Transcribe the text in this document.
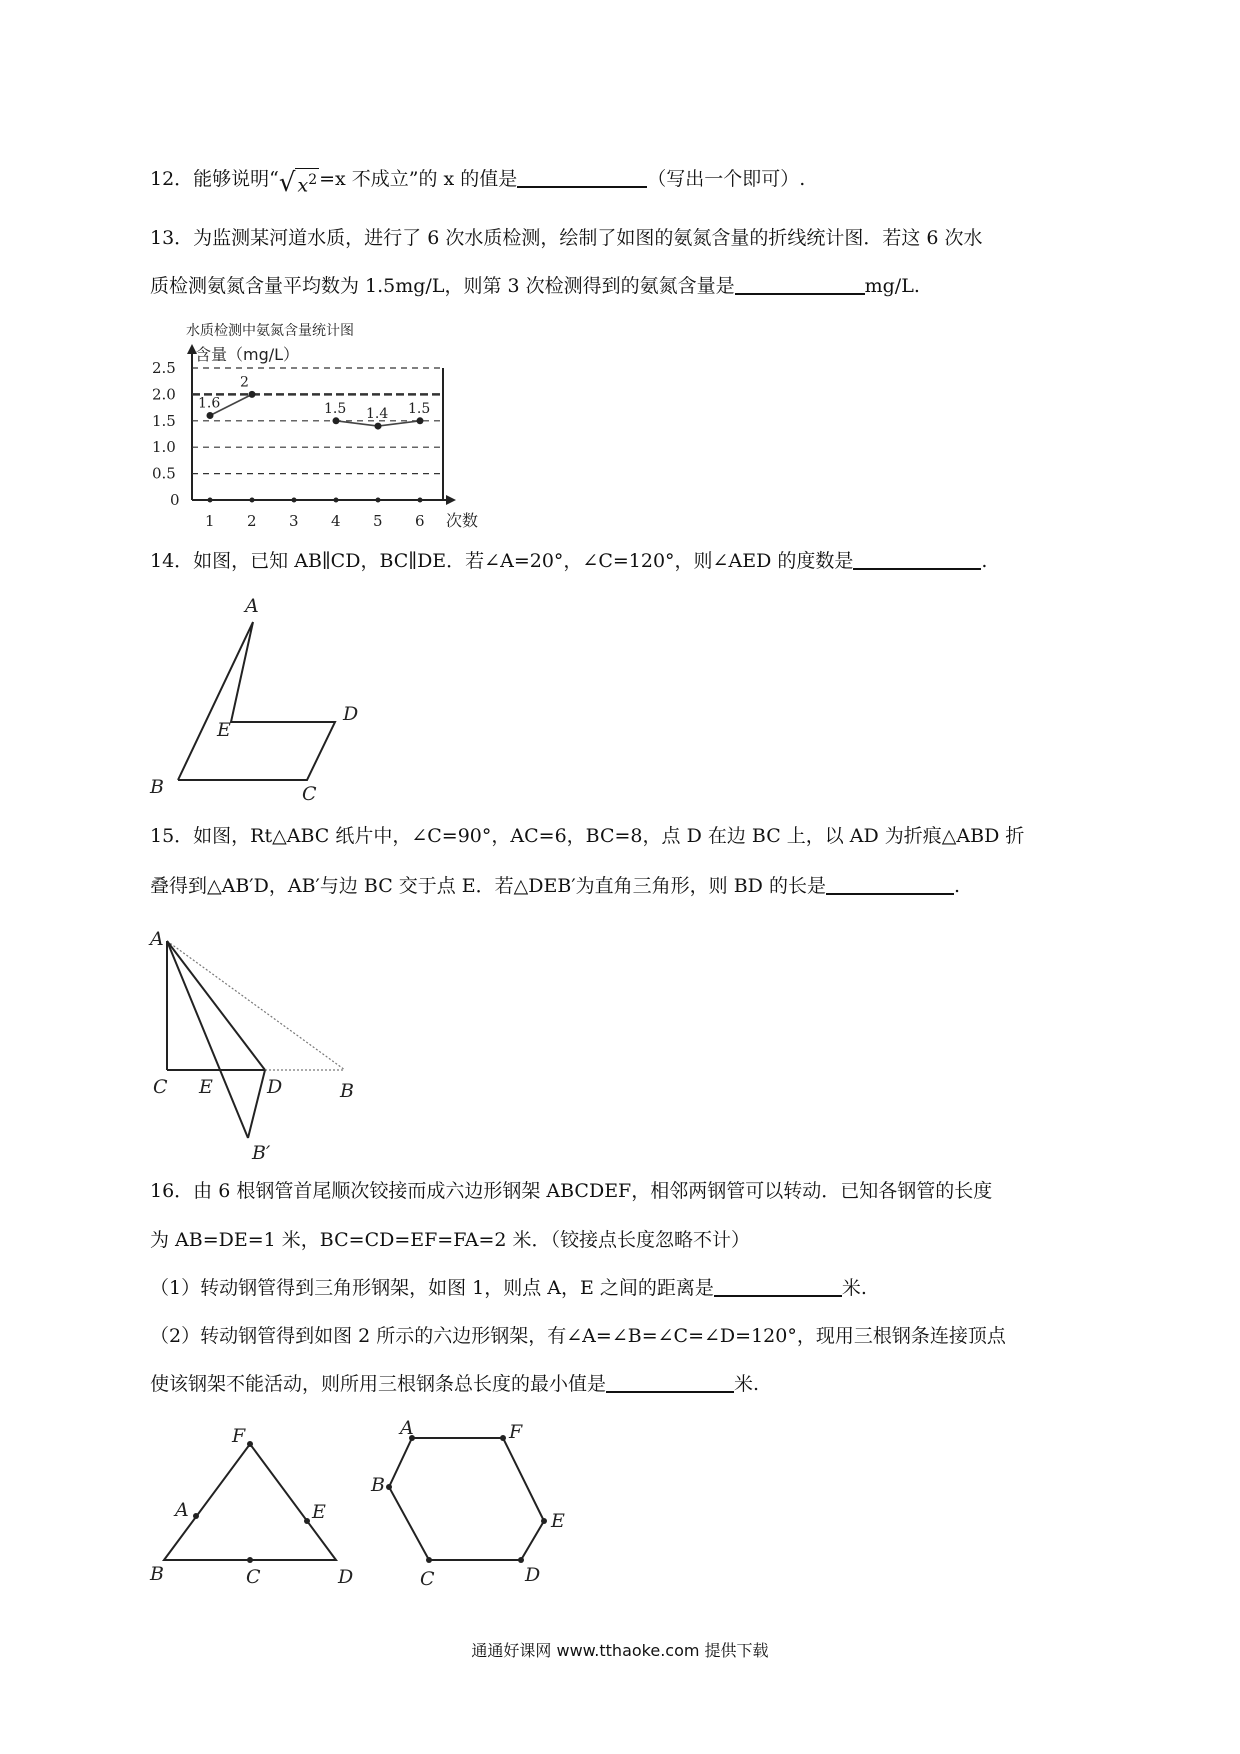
12．能够说明“ √ $x^2 =x$ 不成立”的 x 的值是	（写出一个即可）.
13．为监测某河道水质，进行了 6 次水质检测，绘制了如图的氨氮含量的折线统计图．若这 6 次水
质检测氨氮含量平均数为 1.5mg/L，则第 3 次检测得到的氨氮含量是	mg/L.
水质检测中氨氮含量统计图
含量（mg/L）
次数
0
0.5
1.0
1.5
2.0
2.5
1 2 3 4 5 6
1.6
2
1.5 1.4 1.5
14．如图，已知 AB∥CD，BC∥DE．若∠A=20°，∠C=120°，则∠AED 的度数是	.
A
E
D
B	C
15．如图，Rt△ABC 纸片中，∠C=90°，AC=6，BC=8，点 D 在边 BC 上，以 AD 为折痕△ABD 折
叠得到△AB′D，AB′与边 BC 交于点 E．若△DEB′为直角三角形，则 BD 的长是	.
A
C E	D	B
B′
16．由 6 根钢管首尾顺次铰接而成六边形钢架 ABCDEF，相邻两钢管可以转动．已知各钢管的长度
为 AB=DE=1 米，BC=CD=EF=FA=2 米．（铰接点长度忽略不计）
（1）转动钢管得到三角形钢架，如图 1，则点 A，E 之间的距离是	米.
（2）转动钢管得到如图 2 所示的六边形钢架，有∠A=∠B=∠C=∠D=120°，现用三根钢条连接顶点
使该钢架不能活动，则所用三根钢条总长度的最小值是	米.
F
A	E
B	C	D
A	F
B
E
C	D
通通好课网 www.tthaoke.com 提供下载
